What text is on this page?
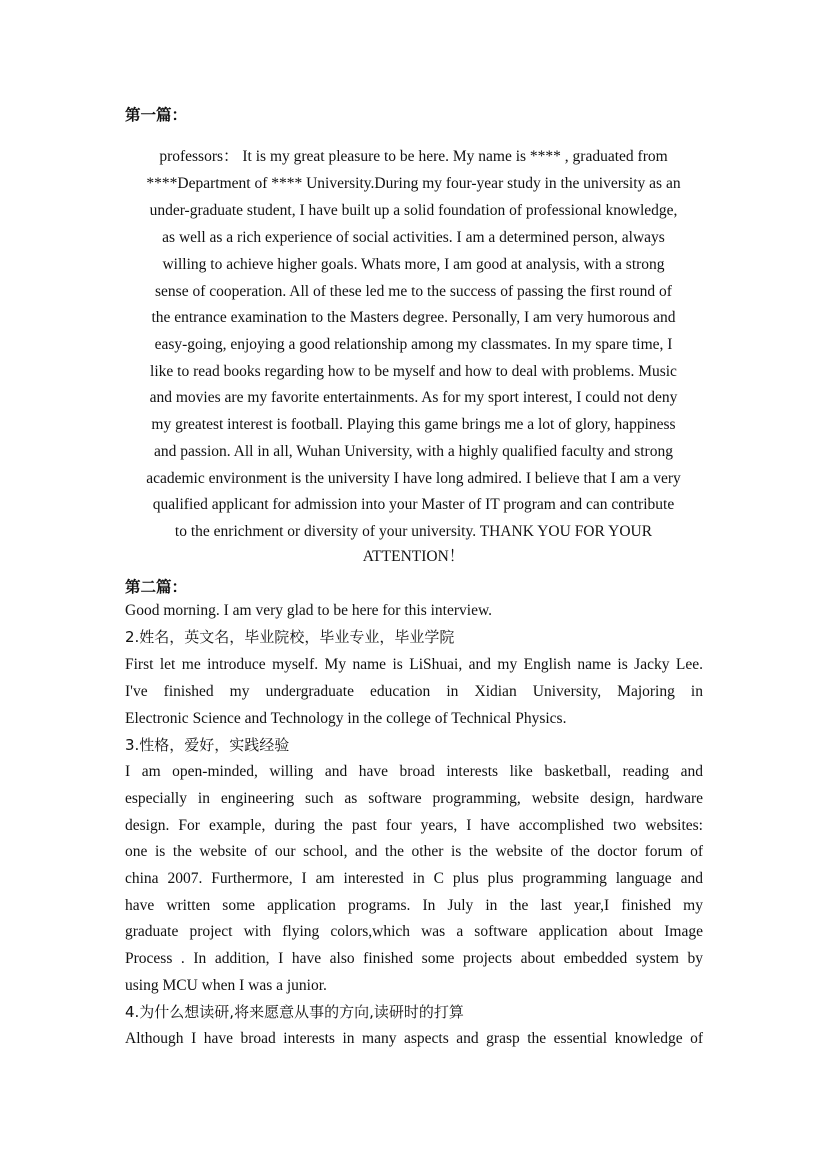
第一篇：
professors： It is my great pleasure to be here. My name is **** , graduated from
****Department of **** University.During my four-year study in the university as an
under-graduate student, I have built up a solid foundation of professional knowledge,
as well as a rich experience of social activities. I am a determined person, always
willing to achieve higher goals. Whats more, I am good at analysis, with a strong
sense of cooperation. All of these led me to the success of passing the first round of
the entrance examination to the Masters degree. Personally, I am very humorous and
easy-going, enjoying a good relationship among my classmates. In my spare time, I
like to read books regarding how to be myself and how to deal with problems. Music
and movies are my favorite entertainments. As for my sport interest, I could not deny
my greatest interest is football. Playing this game brings me a lot of glory, happiness
and passion. All in all, Wuhan University, with a highly qualified faculty and strong
academic environment is the university I have long admired. I believe that I am a very
qualified applicant for admission into your Master of IT program and can contribute
to the enrichment or diversity of your university. THANK YOU FOR YOUR
ATTENTION！
第二篇：
Good morning. I am very glad to be here for this interview.
2.姓名，英文名，毕业院校，毕业专业，毕业学院
First let me introduce myself. My name is LiShuai, and my English name is Jacky Lee.
I've finished my undergraduate education in Xidian University, Majoring in
Electronic Science and Technology in the college of Technical Physics.
3.性格，爱好，实践经验
I am open-minded, willing and have broad interests like basketball, reading and
especially in engineering such as software programming, website design, hardware
design. For example, during the past four years, I have accomplished two websites:
one is the website of our school, and the other is the website of the doctor forum of
china 2007. Furthermore, I am interested in C plus plus programming language and
have written some application programs. In July in the last year,I finished my
graduate project with flying colors,which was a software application about Image
Process . In addition, I have also finished some projects about embedded system by
using MCU when I was a junior.
4.为什么想读研,将来愿意从事的方向,读研时的打算
Although I have broad interests in many aspects and grasp the essential knowledge of
